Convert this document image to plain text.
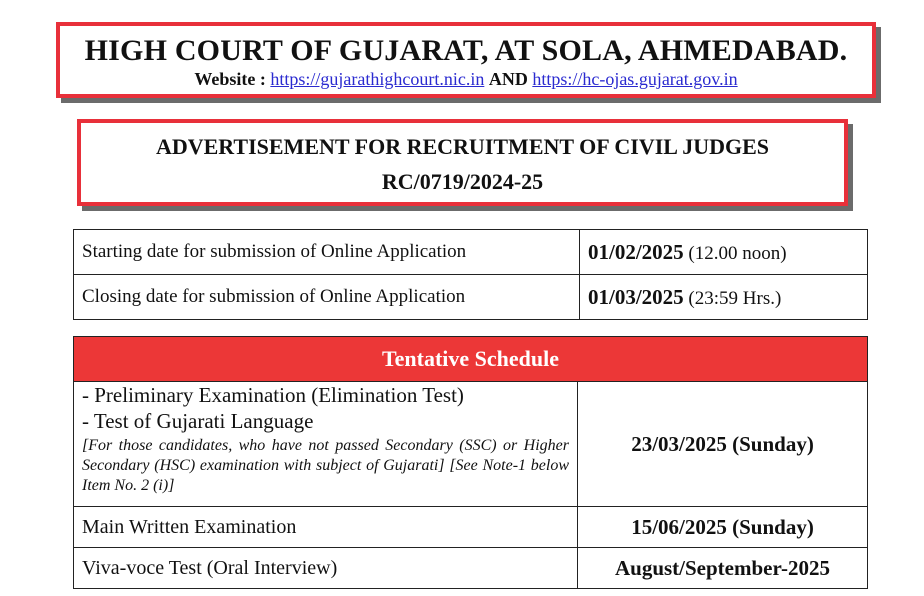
HIGH COURT OF GUJARAT, AT SOLA, AHMEDABAD.
Website : https://gujarathighcourt.nic.in AND https://hc-ojas.gujarat.gov.in
ADVERTISEMENT FOR RECRUITMENT OF CIVIL JUDGES
RC/0719/2024-25
Starting date for submission of Online Application	01/02/2025 (12.00 noon)
Closing date for submission of Online Application	01/03/2025 (23:59 Hrs.)
Tentative Schedule	

- Preliminary Examination (Elimination Test)
- Test of Gujarati Language
[For those candidates, who have not passed Secondary (SSC) or Higher Secondary (HSC) examination with subject of Gujarati] [See Note-1 below Item No. 2 (i)]	23/03/2025 (Sunday)
Main Written Examination	15/06/2025 (Sunday)
Viva-voce Test (Oral Interview)	August/September-2025
